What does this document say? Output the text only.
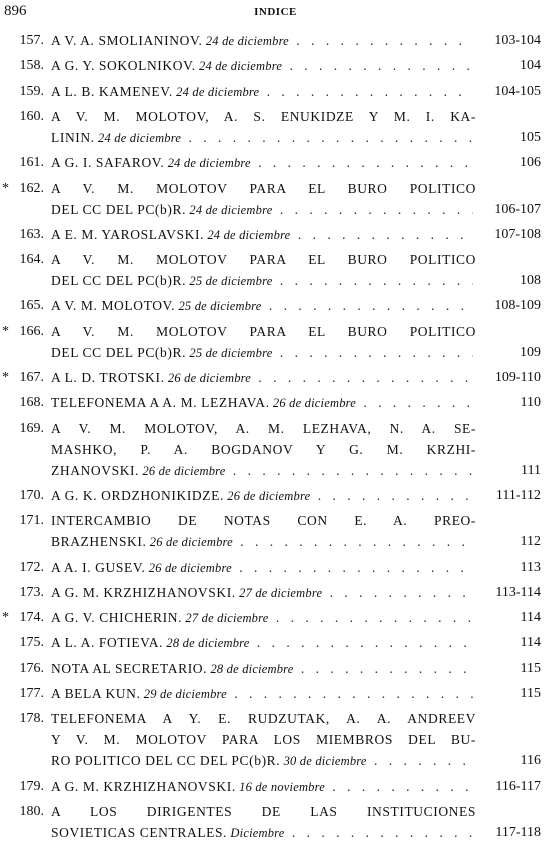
896	INDICE
157. A V. A. SMOLIANINOV. 24 de diciembre . . .	103-104
158. A G. Y. SOKOLNIKOV. 24 de diciembre . . .	104
159. A L. B. KAMENEV. 24 de diciembre . . .	104-105
160. A V. M. MOLOTOV, A. S. ENUKIDZE Y M. I. KA-
LININ. 24 de diciembre . . .	105
161. A G. I. SAFAROV. 24 de diciembre . . .	106
* 162. A V. M. MOLOTOV PARA EL BURO POLITICO
DEL CC DEL PC(b)R. 24 de diciembre . . .	106-107
163. A E. M. YAROSLAVSKI. 24 de diciembre . . .	107-108
164. A V. M. MOLOTOV PARA EL BURO POLITICO
DEL CC DEL PC(b)R. 25 de diciembre . . .	108
165. A V. M. MOLOTOV. 25 de diciembre . . .	108-109
* 166. A V. M. MOLOTOV PARA EL BURO POLITICO
DEL CC DEL PC(b)R. 25 de diciembre . . .	109
* 167. A L. D. TROTSKI. 26 de diciembre . . .	109-110
168. TELEFONEMA A A. M. LEZHAVA. 26 de diciembre . . .	110
169. A V. M. MOLOTOV, A. M. LEZHAVA, N. A. SE-
MASHKO, P. A. BOGDANOV Y G. M. KRZHI-
ZHANOVSKI. 26 de diciembre . . .	111
170. A G. K. ORDZHONIKIDZE. 26 de diciembre . . .	111-112
171. INTERCAMBIO DE NOTAS CON E. A. PREO-
BRAZHENSKI. 26 de diciembre . . .	112
172. A A. I. GUSEV. 26 de diciembre . . .	113
173. A G. M. KRZHIZHANOVSKI. 27 de diciembre . . .	113-114
* 174. A G. V. CHICHERIN. 27 de diciembre . . .	114
175. A L. A. FOTIEVA. 28 de diciembre . . .	114
176. NOTA AL SECRETARIO. 28 de diciembre . . .	115
177. A BELA KUN. 29 de diciembre . . .	115
178. TELEFONEMA A Y. E. RUDZUTAK, A. A. ANDREEV
Y V. M. MOLOTOV PARA LOS MIEMBROS DEL BU-
RO POLITICO DEL CC DEL PC(b)R. 30 de diciembre . . .	116
179. A G. M. KRZHIZHANOVSKI. 16 de noviembre . . .	116-117
180. A LOS DIRIGENTES DE LAS INSTITUCIONES
SOVIETICAS CENTRALES. Diciembre . . .	117-118
